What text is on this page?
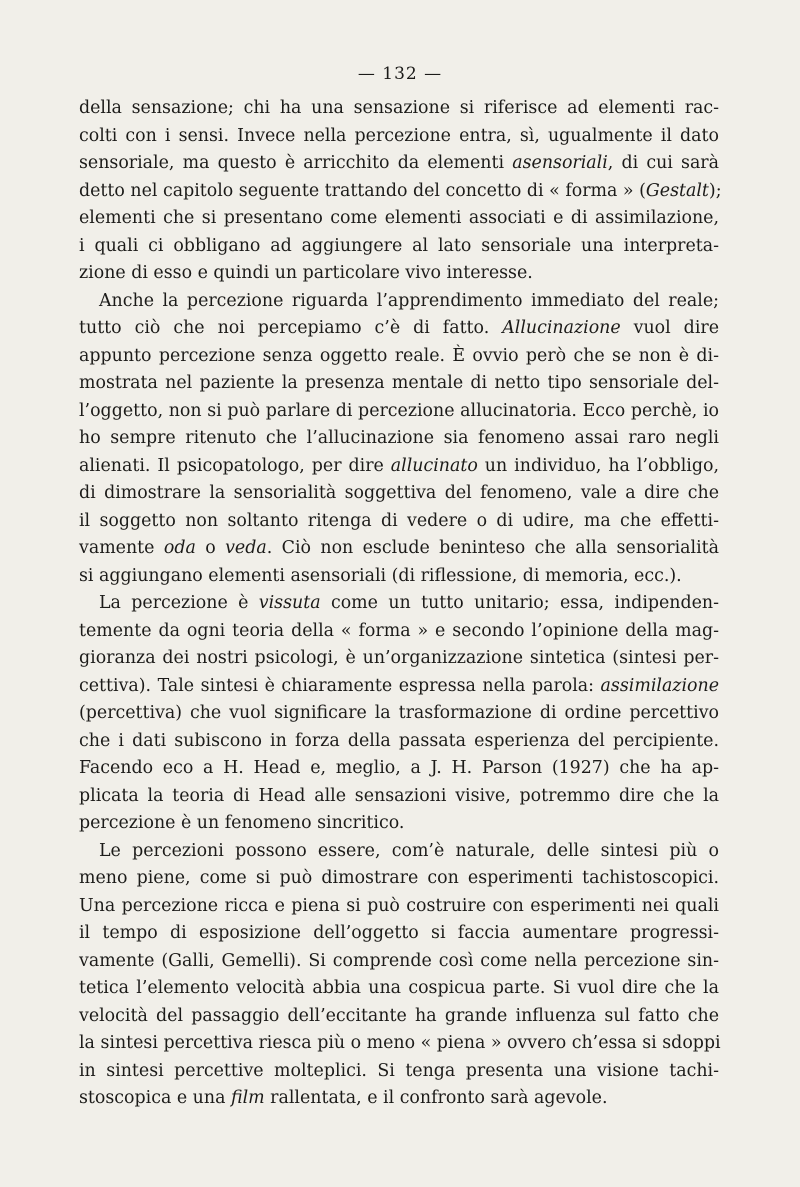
— 132 —
della sensazione; chi ha una sensazione si riferisce ad elementi rac-
colti con i sensi. Invece nella percezione entra, sì, ugualmente il dato
sensoriale, ma questo è arricchito da elementi asensoriali, di cui sarà
detto nel capitolo seguente trattando del concetto di « forma » (Gestalt);
elementi che si presentano come elementi associati e di assimilazione,
i quali ci obbligano ad aggiungere al lato sensoriale una interpreta-
zione di esso e quindi un particolare vivo interesse.
Anche la percezione riguarda l’apprendimento immediato del reale;
tutto ciò che noi percepiamo c’è di fatto. Allucinazione vuol dire
appunto percezione senza oggetto reale. È ovvio però che se non è di-
mostrata nel paziente la presenza mentale di netto tipo sensoriale del-
l’oggetto, non si può parlare di percezione allucinatoria. Ecco perchè, io
ho sempre ritenuto che l’allucinazione sia fenomeno assai raro negli
alienati. Il psicopatologo, per dire allucinato un individuo, ha l’obbligo,
di dimostrare la sensorialità soggettiva del fenomeno, vale a dire che
il soggetto non soltanto ritenga di vedere o di udire, ma che effetti-
vamente oda o veda. Ciò non esclude beninteso che alla sensorialità
si aggiungano elementi asensoriali (di riflessione, di memoria, ecc.).
La percezione è vissuta come un tutto unitario; essa, indipenden-
temente da ogni teoria della « forma » e secondo l’opinione della mag-
gioranza dei nostri psicologi, è un’organizzazione sintetica (sintesi per-
cettiva). Tale sintesi è chiaramente espressa nella parola: assimilazione
(percettiva) che vuol significare la trasformazione di ordine percettivo
che i dati subiscono in forza della passata esperienza del percipiente.
Facendo eco a H. Head e, meglio, a J. H. Parson (1927) che ha ap-
plicata la teoria di Head alle sensazioni visive, potremmo dire che la
percezione è un fenomeno sincritico.
Le percezioni possono essere, com’è naturale, delle sintesi più o
meno piene, come si può dimostrare con esperimenti tachistoscopici.
Una percezione ricca e piena si può costruire con esperimenti nei quali
il tempo di esposizione dell’oggetto si faccia aumentare progressi-
vamente (Galli, Gemelli). Si comprende così come nella percezione sin-
tetica l’elemento velocità abbia una cospicua parte. Si vuol dire che la
velocità del passaggio dell’eccitante ha grande influenza sul fatto che
la sintesi percettiva riesca più o meno « piena » ovvero ch’essa si sdoppi
in sintesi percettive molteplici. Si tenga presenta una visione tachi-
stoscopica e una film rallentata, e il confronto sarà agevole.
